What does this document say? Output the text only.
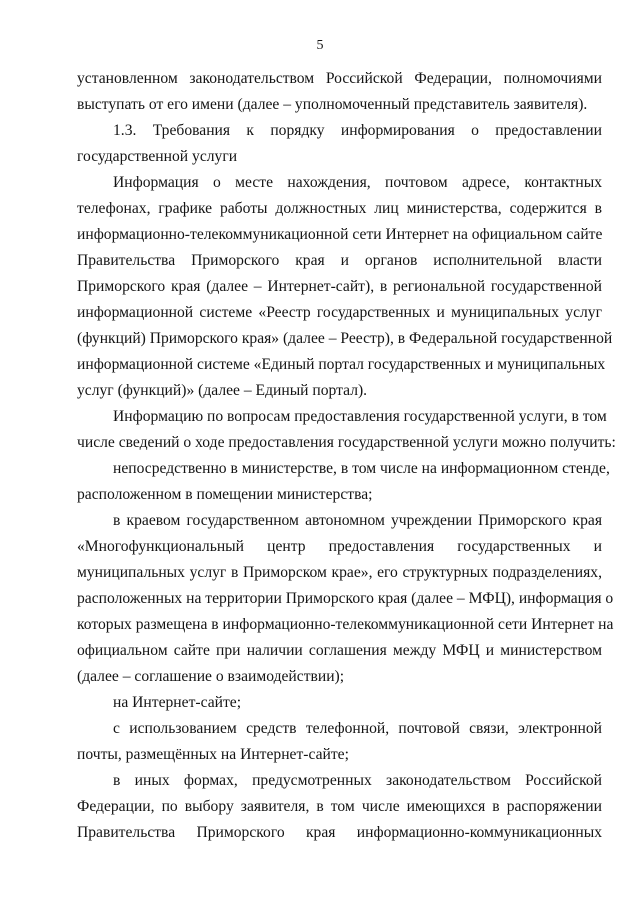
5
установленном законодательством Российской Федерации, полномочиями
выступать от его имени (далее – уполномоченный представитель заявителя).
1.3. Требования к порядку информирования о предоставлении
государственной услуги
Информация о месте нахождения, почтовом адресе, контактных
телефонах, графике работы должностных лиц министерства, содержится в
информационно-телекоммуникационной сети Интернет на официальном сайте
Правительства Приморского края и органов исполнительной власти
Приморского края (далее – Интернет-сайт), в региональной государственной
информационной системе «Реестр государственных и муниципальных услуг
(функций) Приморского края» (далее – Реестр), в Федеральной государственной
информационной системе «Единый портал государственных и муниципальных
услуг (функций)» (далее – Единый портал).
Информацию по вопросам предоставления государственной услуги, в том
числе сведений о ходе предоставления государственной услуги можно получить:
непосредственно в министерстве, в том числе на информационном стенде,
расположенном в помещении министерства;
в краевом государственном автономном учреждении Приморского края
«Многофункциональный центр предоставления государственных и
муниципальных услуг в Приморском крае», его структурных подразделениях,
расположенных на территории Приморского края (далее – МФЦ), информация о
которых размещена в информационно-телекоммуникационной сети Интернет на
официальном сайте при наличии соглашения между МФЦ и министерством
(далее – соглашение о взаимодействии);
на Интернет-сайте;
с использованием средств телефонной, почтовой связи, электронной
почты, размещённых на Интернет-сайте;
в иных формах, предусмотренных законодательством Российской
Федерации, по выбору заявителя, в том числе имеющихся в распоряжении
Правительства Приморского края информационно-коммуникационных
